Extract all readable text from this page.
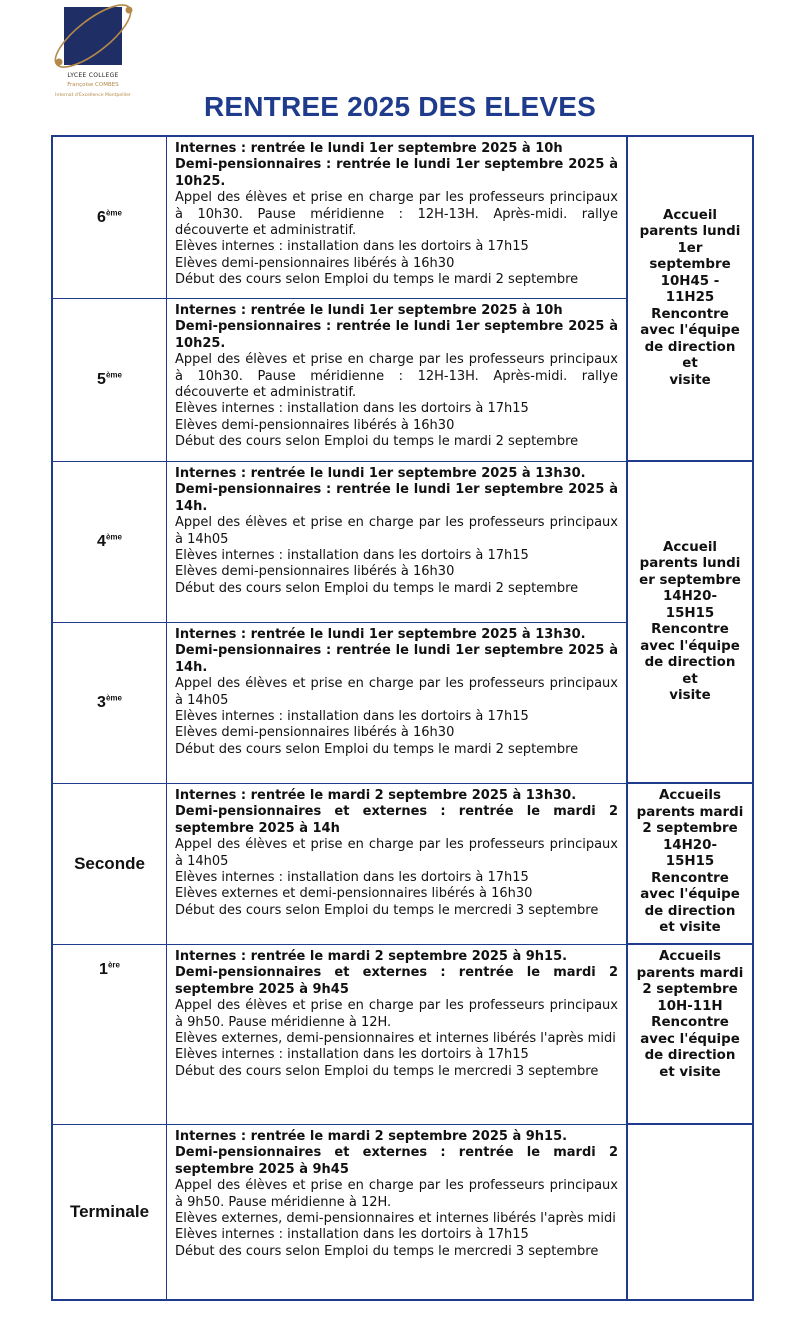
LYCEE COLLEGE
Françoise COMBES
Internat d'Excellence Montpellier	RENTREE 2025 DES ELEVES
6ème

Internes : rentrée le lundi 1er septembre 2025 à 10h

Demi-pensionnaires : rentrée le lundi 1er septembre 2025 à 10h25.

Appel des élèves et prise en charge par les professeurs principaux à 10h30. Pause méridienne : 12H-13H. Après-midi. rallye découverte et administratif.

Elèves internes : installation dans les dortoirs à 17h15

Elèves demi-pensionnaires libérés à 16h30

Début des cours selon Emploi du temps le mardi 2 septembre

5ème

Internes : rentrée le lundi 1er septembre 2025 à 10h

Demi-pensionnaires : rentrée le lundi 1er septembre 2025 à 10h25.

Appel des élèves et prise en charge par les professeurs principaux à 10h30. Pause méridienne : 12H-13H. Après-midi. rallye découverte et administratif.

Elèves internes : installation dans les dortoirs à 17h15

Elèves demi-pensionnaires libérés à 16h30

Début des cours selon Emploi du temps le mardi 2 septembre

4ème

Internes : rentrée le lundi 1er septembre 2025 à 13h30.

Demi-pensionnaires : rentrée le lundi 1er septembre 2025 à 14h.

Appel des élèves et prise en charge par les professeurs principaux à 14h05

Elèves internes : installation dans les dortoirs à 17h15

Elèves demi-pensionnaires libérés à 16h30

Début des cours selon Emploi du temps le mardi 2 septembre

3ème

Internes : rentrée le lundi 1er septembre 2025 à 13h30.

Demi-pensionnaires : rentrée le lundi 1er septembre 2025 à 14h.

Appel des élèves et prise en charge par les professeurs principaux à 14h05

Elèves internes : installation dans les dortoirs à 17h15

Elèves demi-pensionnaires libérés à 16h30

Début des cours selon Emploi du temps le mardi 2 septembre

Seconde

Internes : rentrée le mardi 2 septembre 2025 à 13h30.

Demi-pensionnaires et externes : rentrée le mardi 2 septembre 2025 à 14h

Appel des élèves et prise en charge par les professeurs principaux à 14h05

Elèves internes : installation dans les dortoirs à 17h15

Elèves externes et demi-pensionnaires libérés à 16h30

Début des cours selon Emploi du temps le mercredi 3 septembre

1ère

Internes : rentrée le mardi 2 septembre 2025 à 9h15.

Demi-pensionnaires et externes : rentrée le mardi 2 septembre 2025 à 9h45

Appel des élèves et prise en charge par les professeurs principaux à 9h50. Pause méridienne à 12H.

Elèves externes, demi-pensionnaires et internes libérés l'après midi

Elèves internes : installation dans les dortoirs à 17h15

Début des cours selon Emploi du temps le mercredi 3 septembre

Terminale

Internes : rentrée le mardi 2 septembre 2025 à 9h15.

Demi-pensionnaires et externes : rentrée le mardi 2 septembre 2025 à 9h45

Appel des élèves et prise en charge par les professeurs principaux à 9h50. Pause méridienne à 12H.

Elèves externes, demi-pensionnaires et internes libérés l'après midi

Elèves internes : installation dans les dortoirs à 17h15

Début des cours selon Emploi du temps le mercredi 3 septembre

Accueil
parents lundi
1er
septembre
10H45 -
11H25
Rencontre
avec l'équipe
de direction
et
visite
Accueil
parents lundi
er septembre
14H20-
15H15
Rencontre
avec l'équipe
de direction
et
visite
Accueils
parents mardi
2 septembre
14H20-
15H15
Rencontre
avec l'équipe
de direction
et visite
Accueils
parents mardi
2 septembre
10H-11H
Rencontre
avec l'équipe
de direction
et visite
